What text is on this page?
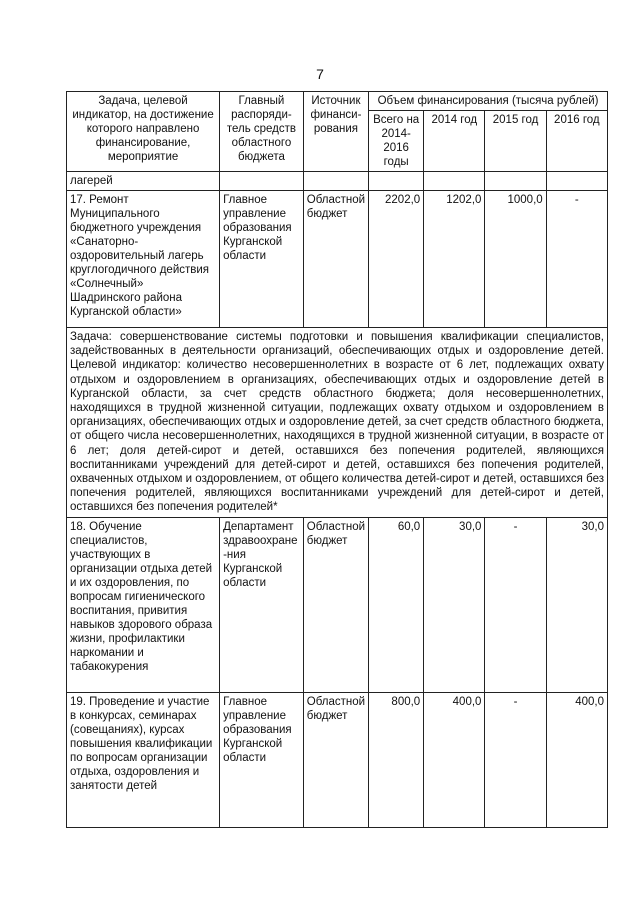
7
Задача, целевой индикатор, на достижение которого направлено финансирование, мероприятие	Главный распоряди-тель средств областного бюджета	Источник финанси-рования	Объем финансирования (тысяча рублей)			
			Всего на 2014-2016 годы	2014 год	2015 год	2016 год
лагерей						
17. Ремонт Муниципального бюджетного учреждения «Санаторно-оздоровительный лагерь круглогодичного действия «Солнечный» Шадринского района Курганской области»	Главное управление образования Курганской области	Областной бюджет	2202,0	1202,0	1000,0	-
Задача: совершенствование системы подготовки и повышения квалификации специалистов, задействованных в деятельности организаций, обеспечивающих отдых и оздоровление детей. Целевой индикатор: количество несовершеннолетних в возрасте от 6 лет, подлежащих охвату отдыхом и оздоровлением в организациях, обеспечивающих отдых и оздоровление детей в Курганской области, за счет средств областного бюджета; доля несовершеннолетних, находящихся в трудной жизненной ситуации, подлежащих охвату отдыхом и оздоровлением в организациях, обеспечивающих отдых и оздоровление детей, за счет средств областного бюджета, от общего числа несовершеннолетних, находящихся в трудной жизненной ситуации, в возрасте от 6 лет; доля детей-сирот и детей, оставшихся без попечения родителей, являющихся воспитанниками учреждений для детей-сирот и детей, оставшихся без попечения родителей, охваченных отдыхом и оздоровлением, от общего количества детей-сирот и детей, оставшихся без попечения родителей, являющихся воспитанниками учреждений для детей-сирот и детей, оставшихся без попечения родителей*						
18. Обучение специалистов, участвующих в организации отдыха детей и их оздоровления, по вопросам гигиенического воспитания, привития навыков здорового образа жизни, профилактики наркомании и табакокурения	Департамент здравоохране-ния Курганской области	Областной бюджет	60,0	30,0	-	30,0
19. Проведение и участие в конкурсах, семинарах (совещаниях), курсах повышения квалификации по вопросам организации отдыха, оздоровления и занятости детей	Главное управление образования Курганской области	Областной бюджет	800,0	400,0	-	400,0
